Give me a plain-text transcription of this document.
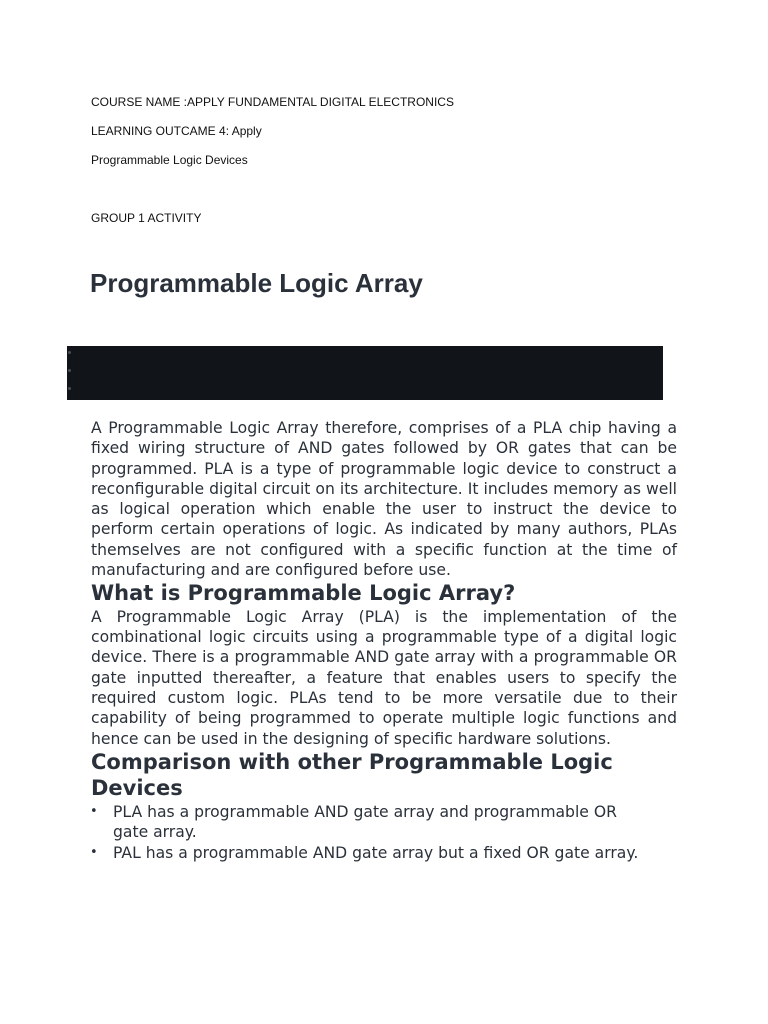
COURSE NAME :APPLY FUNDAMENTAL DIGITAL ELECTRONICS
LEARNING OUTCAME 4: Apply
Programmable Logic Devices
GROUP 1 ACTIVITY
Programmable Logic Array

A Programmable Logic Array therefore, comprises of a PLA chip having a fixed wiring structure of AND gates followed by OR gates that can be programmed. PLA is a type of programmable logic device to construct a reconfigurable digital circuit on its architecture. It includes memory as well as logical operation which enable the user to instruct the device to perform certain operations of logic. As indicated by many authors, PLAs themselves are not configured with a specific function at the time of manufacturing and are configured before use.

What is Programmable Logic Array?

A Programmable Logic Array (PLA) is the implementation of the combinational logic circuits using a programmable type of a digital logic device. There is a programmable AND gate array with a programmable OR gate inputted thereafter, a feature that enables users to specify the required custom logic. PLAs tend to be more versatile due to their capability of being programmed to operate multiple logic functions and hence can be used in the designing of specific hardware solutions.

Comparison with other Programmable Logic Devices
• PLA has a programmable AND gate array and programmable OR gate array.
• PAL has a programmable AND gate array but a fixed OR gate array.
